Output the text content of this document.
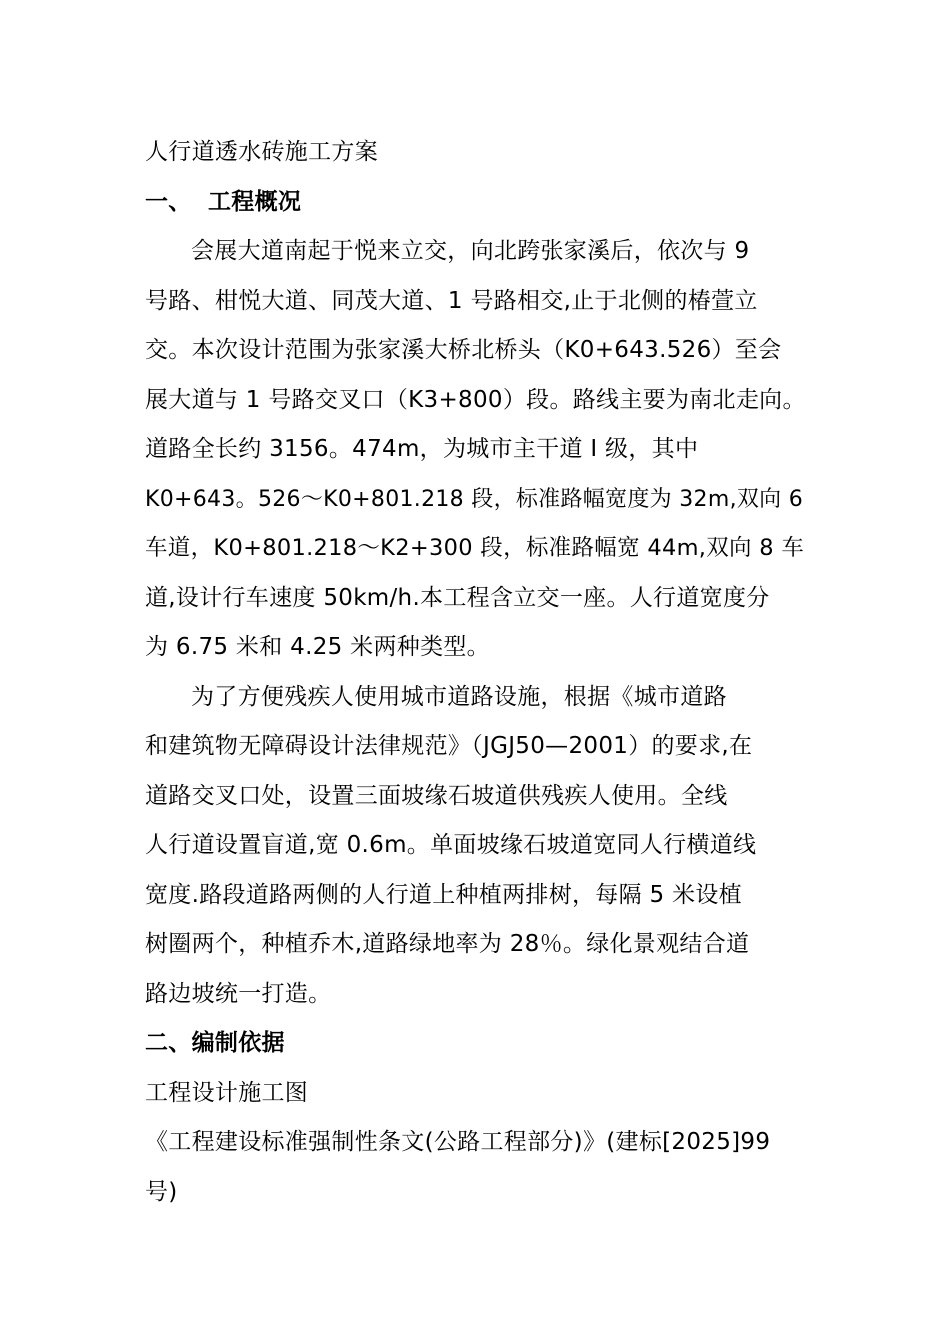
人行道透水砖施工方案
一、 工程概况
会展大道南起于悦来立交，向北跨张家溪后，依次与 9
号路、柑悦大道、同茂大道、1 号路相交,止于北侧的椿萱立
交。本次设计范围为张家溪大桥北桥头（K0+643.526）至会
展大道与 1 号路交叉口（K3+800）段。路线主要为南北走向。
道路全长约 3156。474m，为城市主干道 I 级，其中
K0+643。526～K0+801.218 段，标准路幅宽度为 32m,双向 6
车道，K0+801.218～K2+300 段，标准路幅宽 44m,双向 8 车
道,设计行车速度 50km/h.本工程含立交一座。人行道宽度分
为 6.75 米和 4.25 米两种类型。
为了方便残疾人使用城市道路设施，根据《城市道路
和建筑物无障碍设计法律规范》（JGJ50—2001）的要求,在
道路交叉口处，设置三面坡缘石坡道供残疾人使用。全线
人行道设置盲道,宽 0.6m。单面坡缘石坡道宽同人行横道线
宽度.路段道路两侧的人行道上种植两排树，每隔 5 米设植
树圈两个，种植乔木,道路绿地率为 28％。绿化景观结合道
路边坡统一打造。
二、编制依据
工程设计施工图
《工程建设标准强制性条文(公路工程部分)》(建标[2025]99
号)
